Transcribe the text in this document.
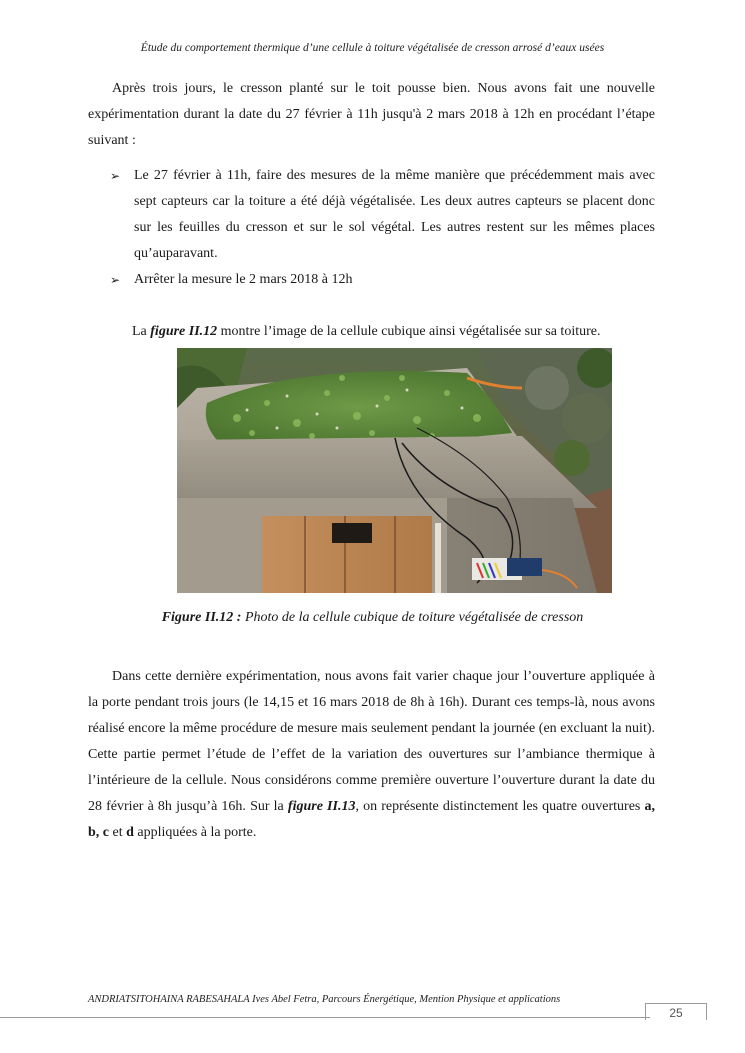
Étude du comportement thermique d’une cellule à toiture végétalisée de cresson arrosé d’eaux usées

Après trois jours, le cresson planté sur le toit pousse bien. Nous avons fait une nouvelle expérimentation durant la date du 27 février à 11h jusqu'à 2 mars 2018 à 12h en procédant l’étape suivant :

➢ Le 27 février à 11h, faire des mesures de la même manière que précédemment mais avec sept capteurs car la toiture a été déjà végétalisée. Les deux autres capteurs se placent donc sur les feuilles du cresson et sur le sol végétal. Les autres restent sur les mêmes places qu’auparavant.
➢ Arrêter la mesure le 2 mars 2018 à 12h

La figure II.12 montre l’image de la cellule cubique ainsi végétalisée sur sa toiture.

Figure II.12 : Photo de la cellule cubique de toiture végétalisée de cresson

Dans cette dernière expérimentation, nous avons fait varier chaque jour l’ouverture appliquée à la porte pendant trois jours (le 14,15 et 16 mars 2018 de 8h à 16h). Durant ces temps-là, nous avons réalisé encore la même procédure de mesure mais seulement pendant la journée (en excluant la nuit). Cette partie permet l’étude de l’effet de la variation des ouvertures sur l’ambiance thermique à l’intérieure de la cellule. Nous considérons comme première ouverture l’ouverture durant la date du 28 février à 8h jusqu’à 16h. Sur la figure II.13, on représente distinctement les quatre ouvertures a, b, c et d appliquées à la porte.

ANDRIATSITOHAINA RABESAHALA Ives Abel Fetra, Parcours Énergétique, Mention Physique et applications
25
